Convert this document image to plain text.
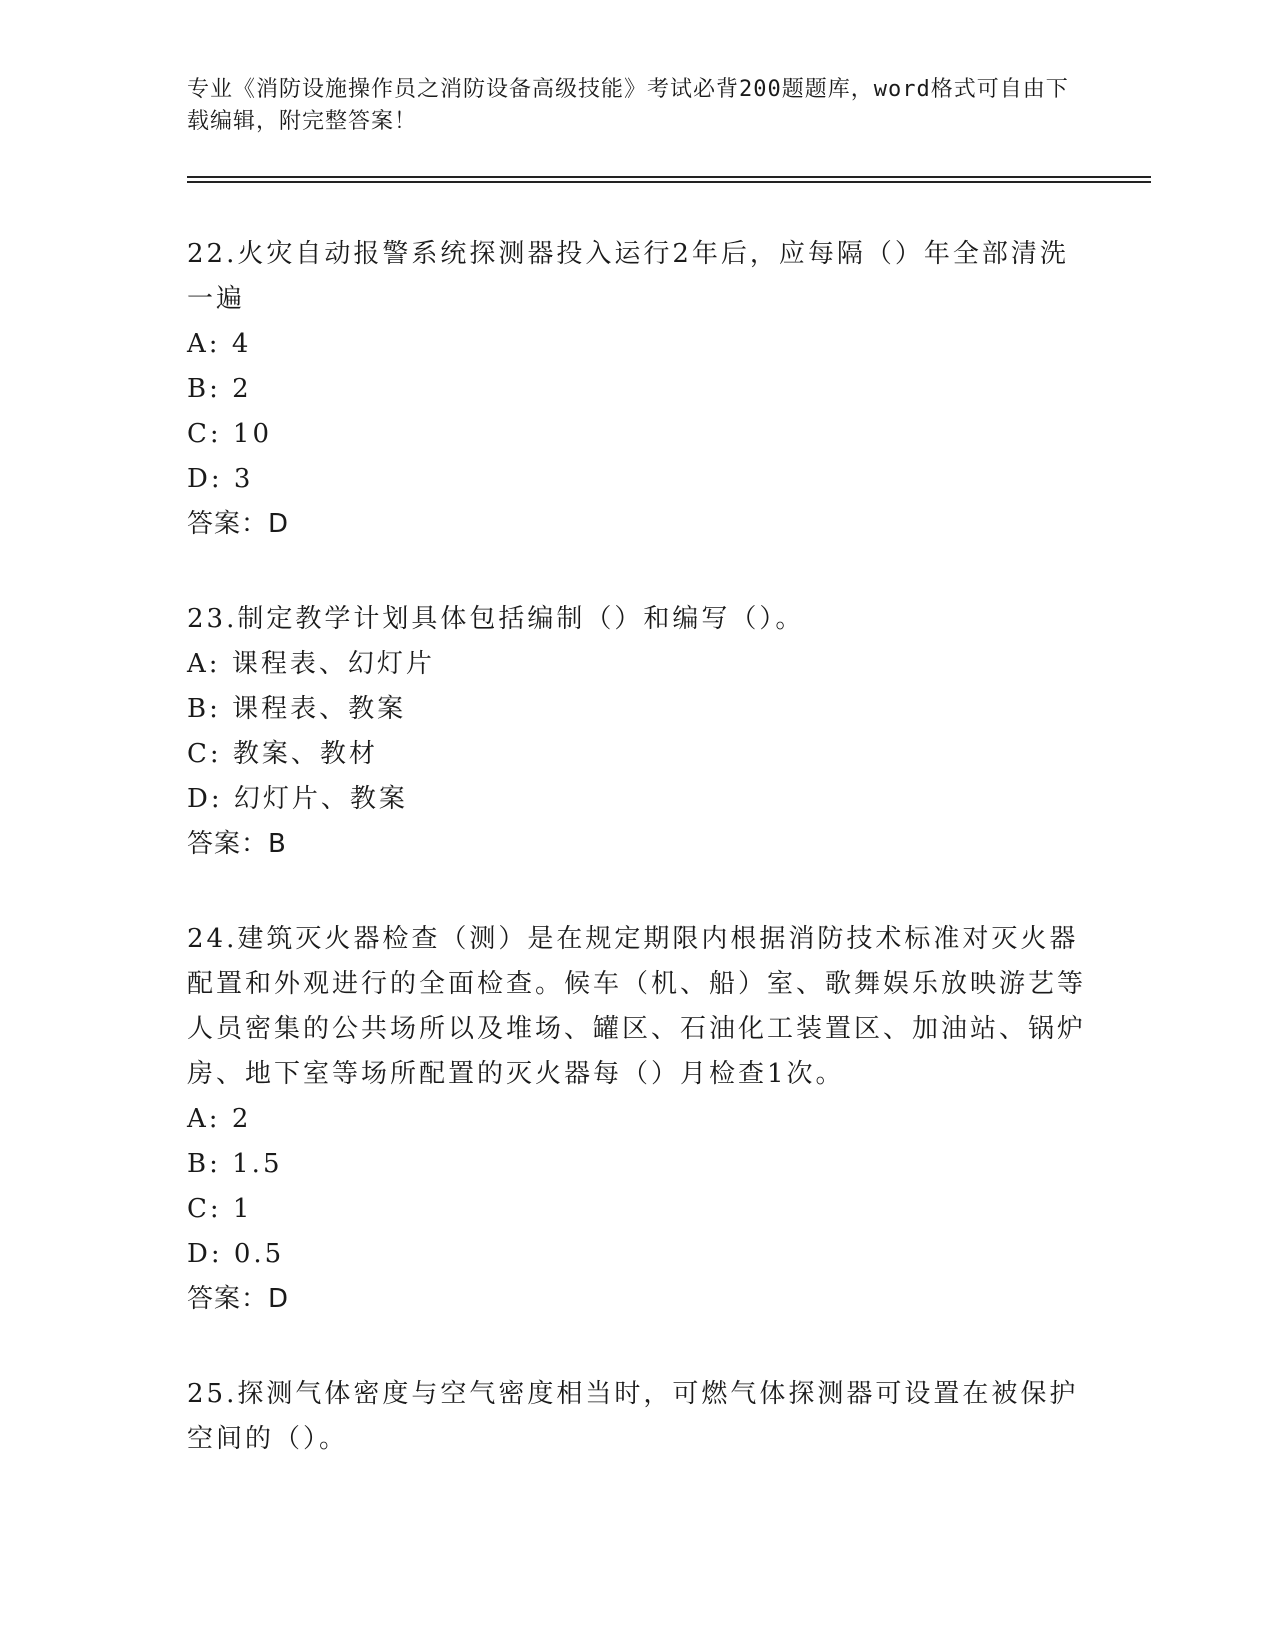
专业《消防设施操作员之消防设备高级技能》考试必背200题题库，word格式可自由下载编辑，附完整答案！

22.火灾自动报警系统探测器投入运行2年后，应每隔（）年全部清洗一遍

A: 4

B: 2

C: 10

D: 3

答案：D

23.制定教学计划具体包括编制（）和编写（）。

A: 课程表、幻灯片

B: 课程表、教案

C: 教案、教材

D: 幻灯片、教案

答案：B

24.建筑灭火器检查（测）是在规定期限内根据消防技术标准对灭火器配置和外观进行的全面检查。候车（机、船）室、歌舞娱乐放映游艺等人员密集的公共场所以及堆场、罐区、石油化工装置区、加油站、锅炉房、地下室等场所配置的灭火器每（）月检查1次。

A: 2

B: 1.5

C: 1

D: 0.5

答案：D

25.探测气体密度与空气密度相当时，可燃气体探测器可设置在被保护空间的（）。
